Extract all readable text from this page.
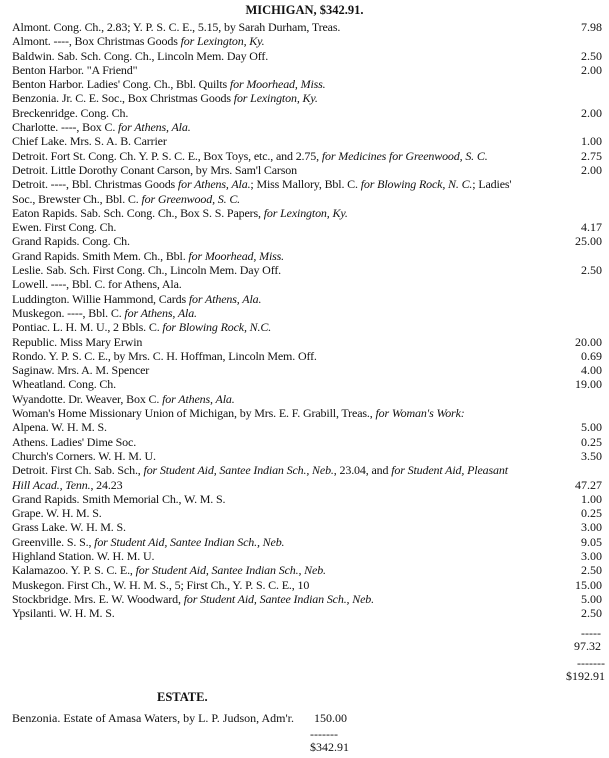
MICHIGAN, $342.91.
Almont. Cong. Ch., 2.83; Y. P. S. C. E., 5.15, by Sarah Durham, Treas.	7.98
Almont. ----, Box Christmas Goods for Lexington, Ky.
Baldwin. Sab. Sch. Cong. Ch., Lincoln Mem. Day Off.	2.50
Benton Harbor. "A Friend"	2.00
Benton Harbor. Ladies' Cong. Ch., Bbl. Quilts for Moorhead, Miss.
Benzonia. Jr. C. E. Soc., Box Christmas Goods for Lexington, Ky.
Breckenridge. Cong. Ch.	2.00
Charlotte. ----, Box C. for Athens, Ala.
Chief Lake. Mrs. S. A. B. Carrier	1.00
Detroit. Fort St. Cong. Ch. Y. P. S. C. E., Box Toys, etc., and 2.75, for Medicines for Greenwood, S. C.	2.75
Detroit. Little Dorothy Conant Carson, by Mrs. Sam'l Carson	2.00
Detroit. ----, Bbl. Christmas Goods for Athens, Ala.; Miss Mallory, Bbl. C. for Blowing Rock, N. C.; Ladies' Soc., Brewster Ch., Bbl. C. for Greenwood, S. C.
Eaton Rapids. Sab. Sch. Cong. Ch., Box S. S. Papers, for Lexington, Ky.
Ewen. First Cong. Ch.	4.17
Grand Rapids. Cong. Ch.	25.00
Grand Rapids. Smith Mem. Ch., Bbl. for Moorhead, Miss.
Leslie. Sab. Sch. First Cong. Ch., Lincoln Mem. Day Off.	2.50
Lowell. ----, Bbl. C. for Athens, Ala.
Luddington. Willie Hammond, Cards for Athens, Ala.
Muskegon. ----, Bbl. C. for Athens, Ala.
Pontiac. L. H. M. U., 2 Bbls. C. for Blowing Rock, N.C.
Republic. Miss Mary Erwin	20.00
Rondo. Y. P. S. C. E., by Mrs. C. H. Hoffman, Lincoln Mem. Off.	0.69
Saginaw. Mrs. A. M. Spencer	4.00
Wheatland. Cong. Ch.	19.00
Wyandotte. Dr. Weaver, Box C. for Athens, Ala.
Woman's Home Missionary Union of Michigan, by Mrs. E. F. Grabill, Treas., for Woman's Work:
Alpena. W. H. M. S.	5.00
Athens. Ladies' Dime Soc.	0.25
Church's Corners. W. H. M. U.	3.50
Detroit. First Ch. Sab. Sch., for Student Aid, Santee Indian Sch., Neb., 23.04, and for Student Aid, Pleasant Hill Acad., Tenn., 24.23	47.27
Grand Rapids. Smith Memorial Ch., W. M. S.	1.00
Grape. W. H. M. S.	0.25
Grass Lake. W. H. M. S.	3.00
Greenville. S. S., for Student Aid, Santee Indian Sch., Neb.	9.05
Highland Station. W. H. M. U.	3.00
Kalamazoo. Y. P. S. C. E., for Student Aid, Santee Indian Sch., Neb.	2.50
Muskegon. First Ch., W. H. M. S., 5; First Ch., Y. P. S. C. E., 10	15.00
Stockbridge. Mrs. E. W. Woodward, for Student Aid, Santee Indian Sch., Neb.	5.00
Ypsilanti. W. H. M. S.	2.50
-----
97.32
-------
$192.91
ESTATE.
Benzonia. Estate of Amasa Waters, by L. P. Judson, Adm'r. 150.00
-------
$342.91
